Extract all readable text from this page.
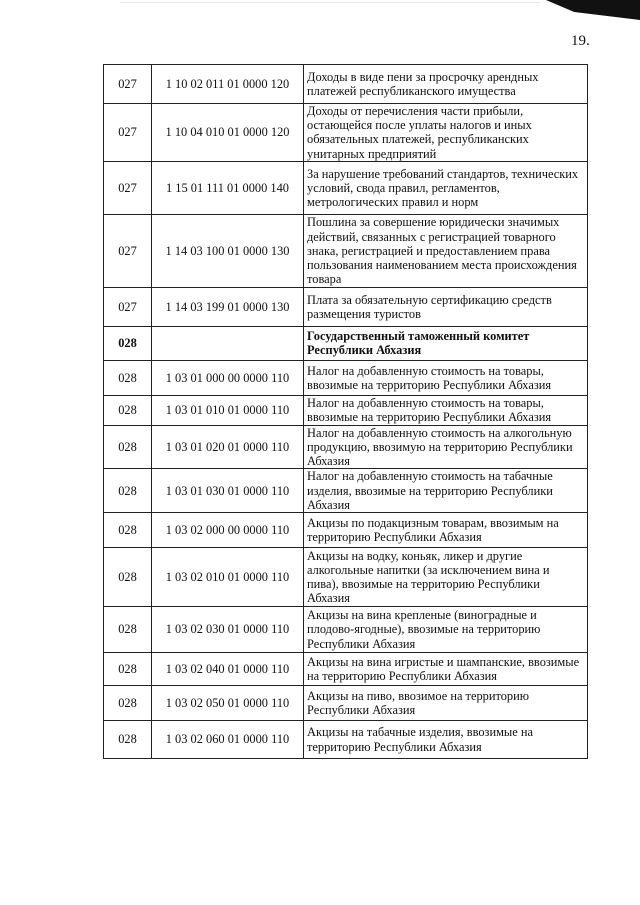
19.
027	1 10 02 011 01 0000 120	Доходы в виде пени за просрочку арендных платежей республиканского имущества
027	1 10 04 010 01 0000 120	Доходы от перечисления части прибыли, остающейся после уплаты налогов и иных обязательных платежей, республиканских унитарных предприятий
027	1 15 01 111 01 0000 140	За нарушение требований стандартов, технических условий, свода правил, регламентов, метрологических правил и норм
027	1 14 03 100 01 0000 130	Пошлина за совершение юридически значимых действий, связанных с регистрацией товарного знака, регистрацией и предоставлением права пользования наименованием места происхождения товара
027	1 14 03 199 01 0000 130	Плата за обязательную сертификацию средств размещения туристов
028		Государственный таможенный комитет Республики Абхазия
028	1 03 01 000 00 0000 110	Налог на добавленную стоимость на товары, ввозимые на территорию Республики Абхазия
028	1 03 01 010 01 0000 110	Налог на добавленную стоимость на товары, ввозимые на территорию Республики Абхазия
028	1 03 01 020 01 0000 110	Налог на добавленную стоимость на алкогольную продукцию, ввозимую на территорию Республики Абхазия
028	1 03 01 030 01 0000 110	Налог на добавленную стоимость на табачные изделия, ввозимые на территорию Республики Абхазия
028	1 03 02 000 00 0000 110	Акцизы по подакцизным товарам, ввозимым на территорию Республики Абхазия
028	1 03 02 010 01 0000 110	Акцизы на водку, коньяк, ликер и другие алкогольные напитки (за исключением вина и пива), ввозимые на территорию Республики Абхазия
028	1 03 02 030 01 0000 110	Акцизы на вина крепленые (виноградные и плодово-ягодные), ввозимые на территорию Республики Абхазия
028	1 03 02 040 01 0000 110	Акцизы на вина игристые и шампанские, ввозимые на территорию Республики Абхазия
028	1 03 02 050 01 0000 110	Акцизы на пиво, ввозимое на территорию Республики Абхазия
028	1 03 02 060 01 0000 110	Акцизы на табачные изделия, ввозимые на территорию Республики Абхазия
